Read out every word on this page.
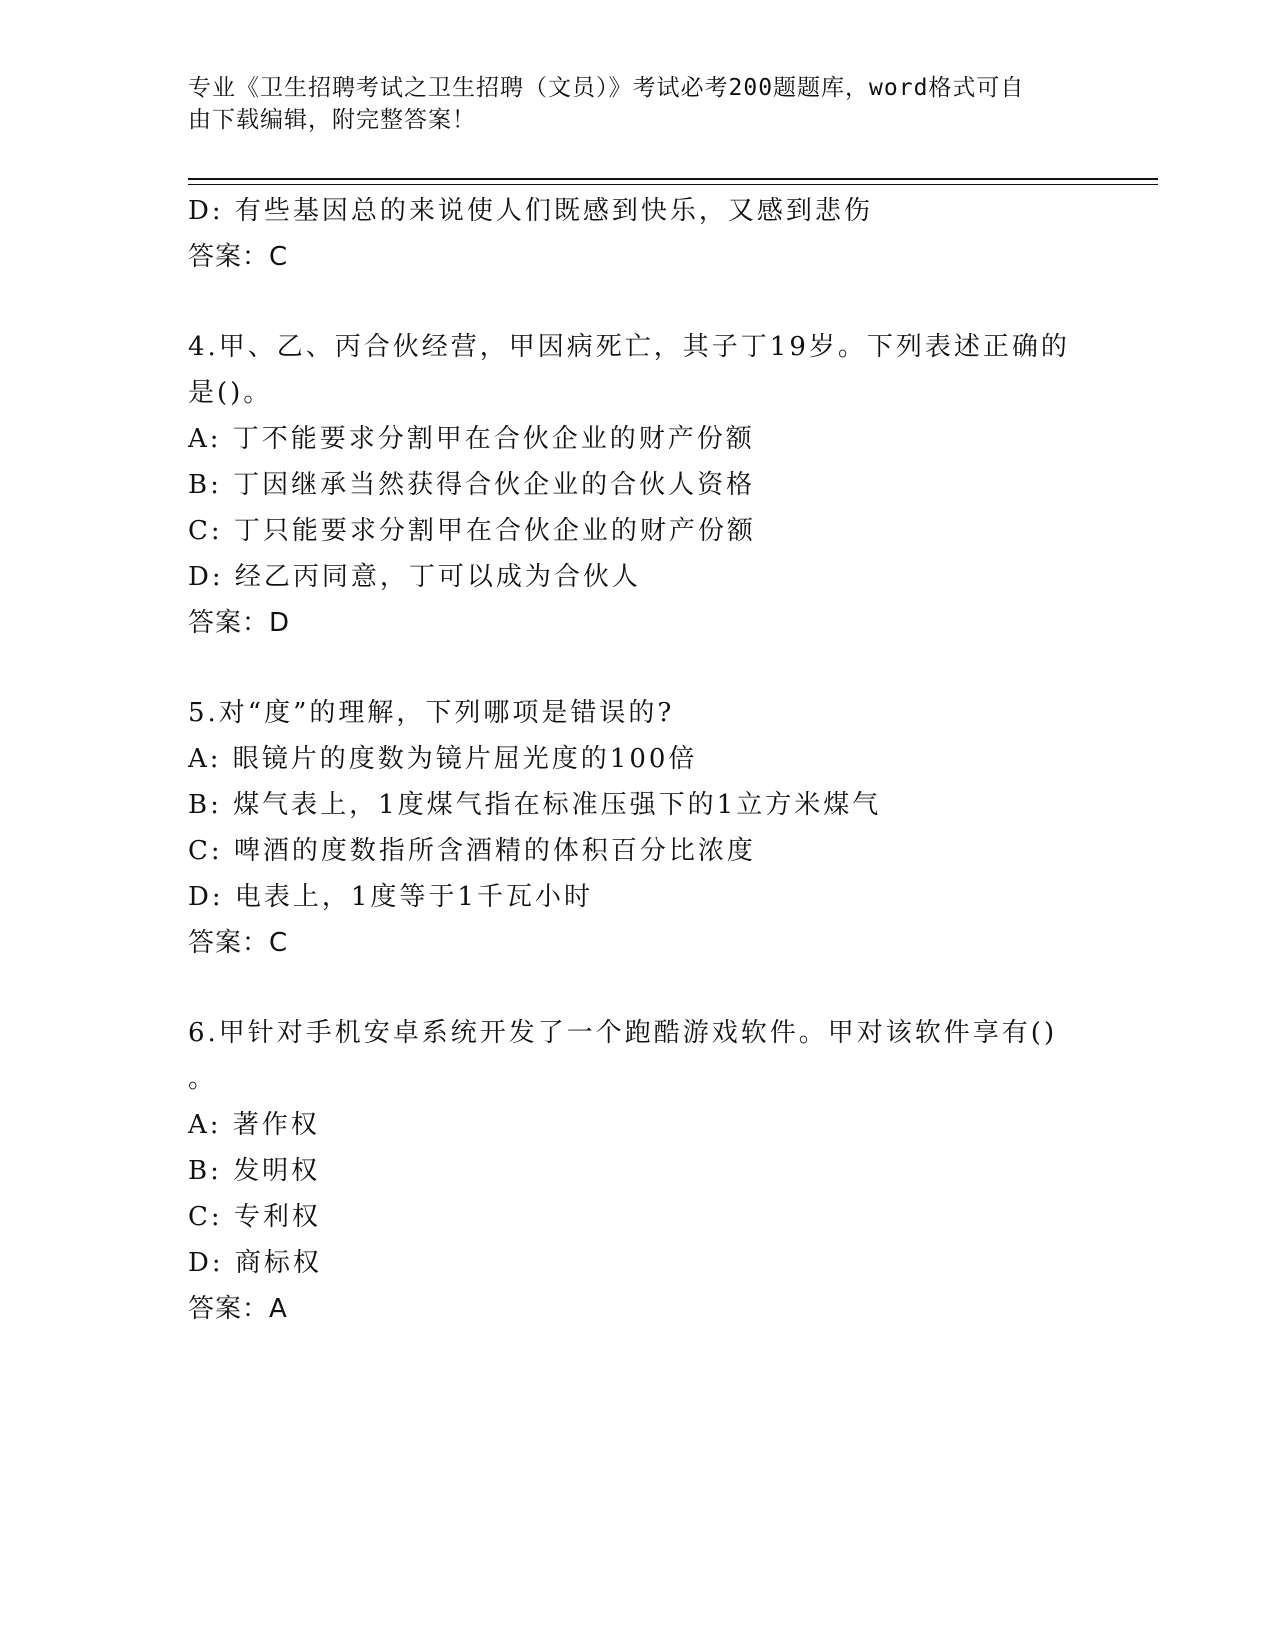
专业《卫生招聘考试之卫生招聘（文员）》考试必考200题题库，word格式可自
由下载编辑，附完整答案！
D: 有些基因总的来说使人们既感到快乐，又感到悲伤
答案：C
4.甲、乙、丙合伙经营，甲因病死亡，其子丁19岁。下列表述正确的
是()。
A: 丁不能要求分割甲在合伙企业的财产份额
B: 丁因继承当然获得合伙企业的合伙人资格
C: 丁只能要求分割甲在合伙企业的财产份额
D: 经乙丙同意，丁可以成为合伙人
答案：D
5.对“度”的理解，下列哪项是错误的?
A: 眼镜片的度数为镜片屈光度的100倍
B: 煤气表上，1度煤气指在标准压强下的1立方米煤气
C: 啤酒的度数指所含酒精的体积百分比浓度
D: 电表上，1度等于1千瓦小时
答案：C
6.甲针对手机安卓系统开发了一个跑酷游戏软件。甲对该软件享有()
。
A: 著作权
B: 发明权
C: 专利权
D: 商标权
答案：A
